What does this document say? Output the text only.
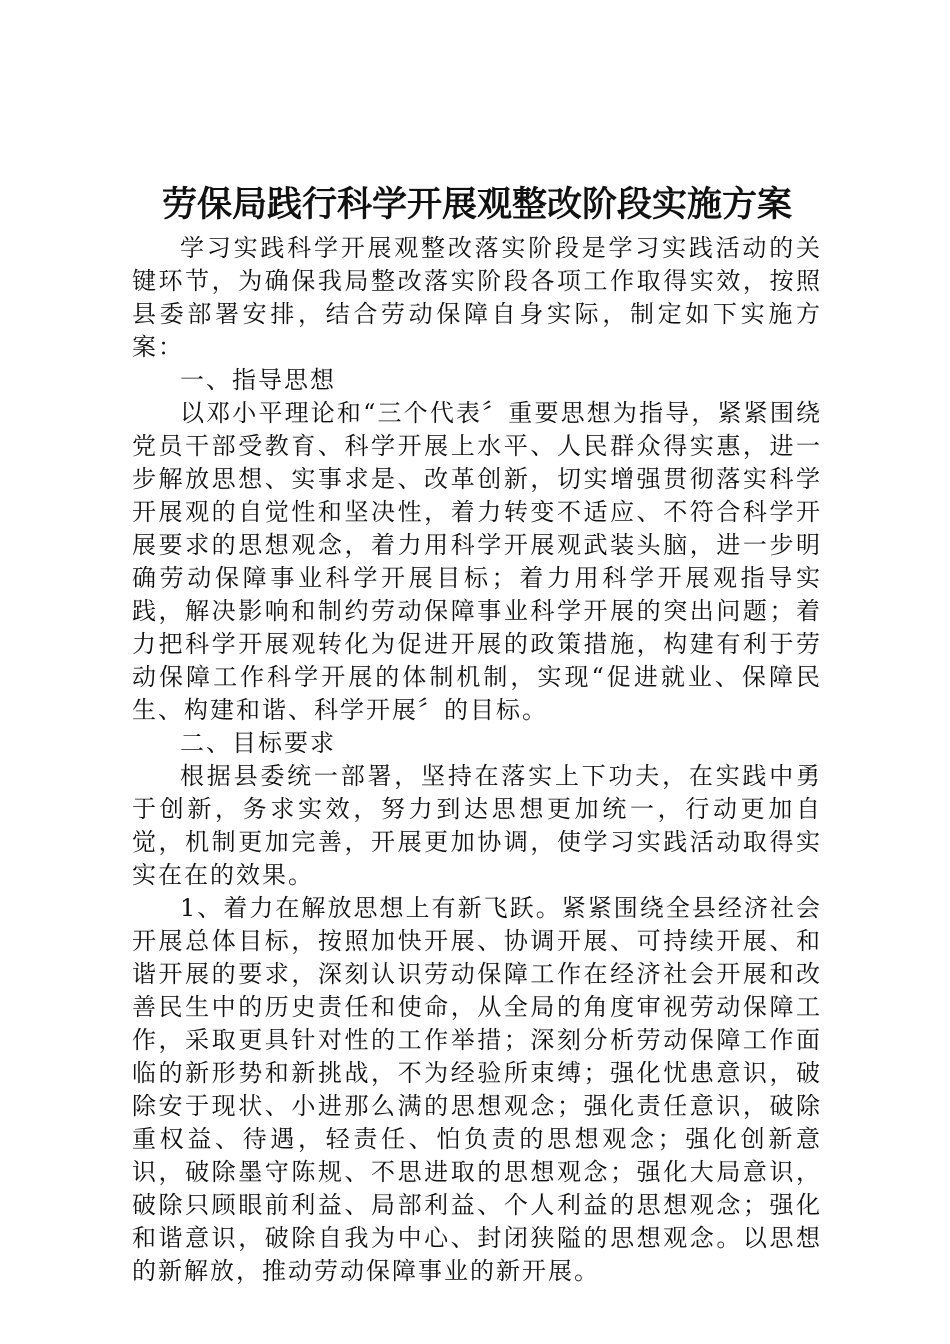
劳保局践行科学开展观整改阶段实施方案

学习实践科学开展观整改落实阶段是学习实践活动的关键环节，为确保我局整改落实阶段各项工作取得实效，按照县委部署安排，结合劳动保障自身实际，制定如下实施方案：

一、指导思想

以邓小平理论和“三个代表〞重要思想为指导，紧紧围绕党员干部受教育、科学开展上水平、人民群众得实惠，进一步解放思想、实事求是、改革创新，切实增强贯彻落实科学开展观的自觉性和坚决性，着力转变不适应、不符合科学开展要求的思想观念，着力用科学开展观武装头脑，进一步明确劳动保障事业科学开展目标；着力用科学开展观指导实践，解决影响和制约劳动保障事业科学开展的突出问题；着力把科学开展观转化为促进开展的政策措施，构建有利于劳动保障工作科学开展的体制机制，实现“促进就业、保障民生、构建和谐、科学开展〞的目标。

二、目标要求

根据县委统一部署，坚持在落实上下功夫，在实践中勇于创新，务求实效，努力到达思想更加统一，行动更加自觉，机制更加完善，开展更加协调，使学习实践活动取得实实在在的效果。

1、着力在解放思想上有新飞跃。紧紧围绕全县经济社会开展总体目标，按照加快开展、协调开展、可持续开展、和谐开展的要求，深刻认识劳动保障工作在经济社会开展和改善民生中的历史责任和使命，从全局的角度审视劳动保障工作，采取更具针对性的工作举措；深刻分析劳动保障工作面临的新形势和新挑战，不为经验所束缚；强化忧患意识，破除安于现状、小进那么满的思想观念；强化责任意识，破除重权益、待遇，轻责任、怕负责的思想观念；强化创新意识，破除墨守陈规、不思进取的思想观念；强化大局意识，破除只顾眼前利益、局部利益、个人利益的思想观念；强化和谐意识，破除自我为中心、封闭狭隘的思想观念。以思想的新解放，推动劳动保障事业的新开展。
